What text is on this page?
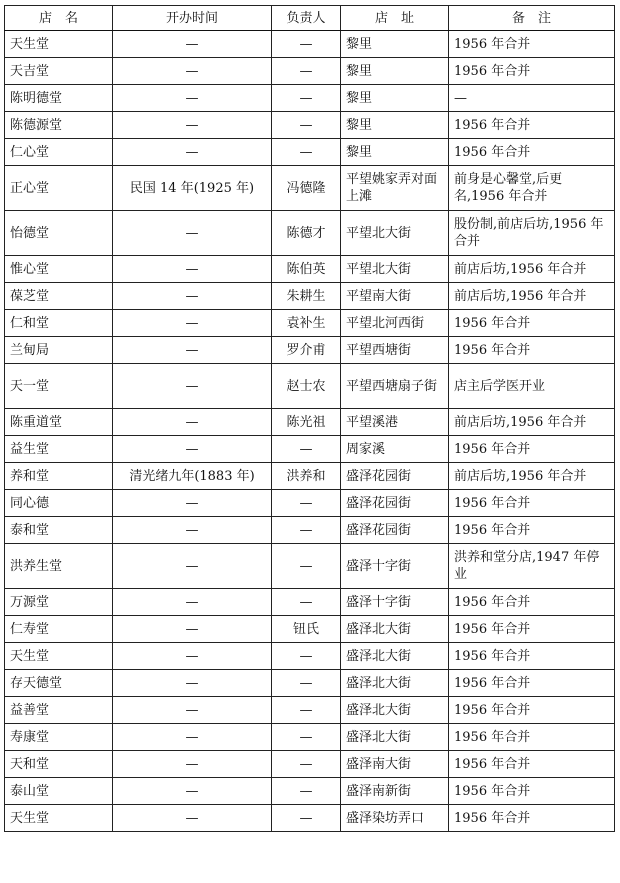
店　名	开办时间	负责人	店　址	备　注
天生堂	—	—	黎里	1956 年合并
天吉堂	—	—	黎里	1956 年合并
陈明德堂	—	—	黎里	—
陈德源堂	—	—	黎里	1956 年合并
仁心堂	—	—	黎里	1956 年合并
正心堂	民国 14 年(1925 年)	冯德隆	平望姚家弄对面上滩	前身是心馨堂,后更名,1956 年合并
怡德堂	—	陈德才	平望北大街	股份制,前店后坊,1956 年合并
惟心堂	—	陈伯英	平望北大街	前店后坊,1956 年合并
葆芝堂	—	朱耕生	平望南大街	前店后坊,1956 年合并
仁和堂	—	袁补生	平望北河西街	1956 年合并
兰甸局	—	罗介甫	平望西塘街	1956 年合并
天一堂	—	赵士农	平望西塘扇子街	店主后学医开业
陈重道堂	—	陈光祖	平望溪港	前店后坊,1956 年合并
益生堂	—	—	周家溪	1956 年合并
养和堂	清光绪九年(1883 年)	洪养和	盛泽花园街	前店后坊,1956 年合并
同心德	—	—	盛泽花园街	1956 年合并
泰和堂	—	—	盛泽花园街	1956 年合并
洪养生堂	—	—	盛泽十字街	洪养和堂分店,1947 年停业
万源堂	—	—	盛泽十字街	1956 年合并
仁寿堂	—	钮氏	盛泽北大街	1956 年合并
天生堂	—	—	盛泽北大街	1956 年合并
存天德堂	—	—	盛泽北大街	1956 年合并
益善堂	—	—	盛泽北大街	1956 年合并
寿康堂	—	—	盛泽北大街	1956 年合并
天和堂	—	—	盛泽南大街	1956 年合并
泰山堂	—	—	盛泽南新街	1956 年合并
天生堂	—	—	盛泽染坊弄口	1956 年合并
